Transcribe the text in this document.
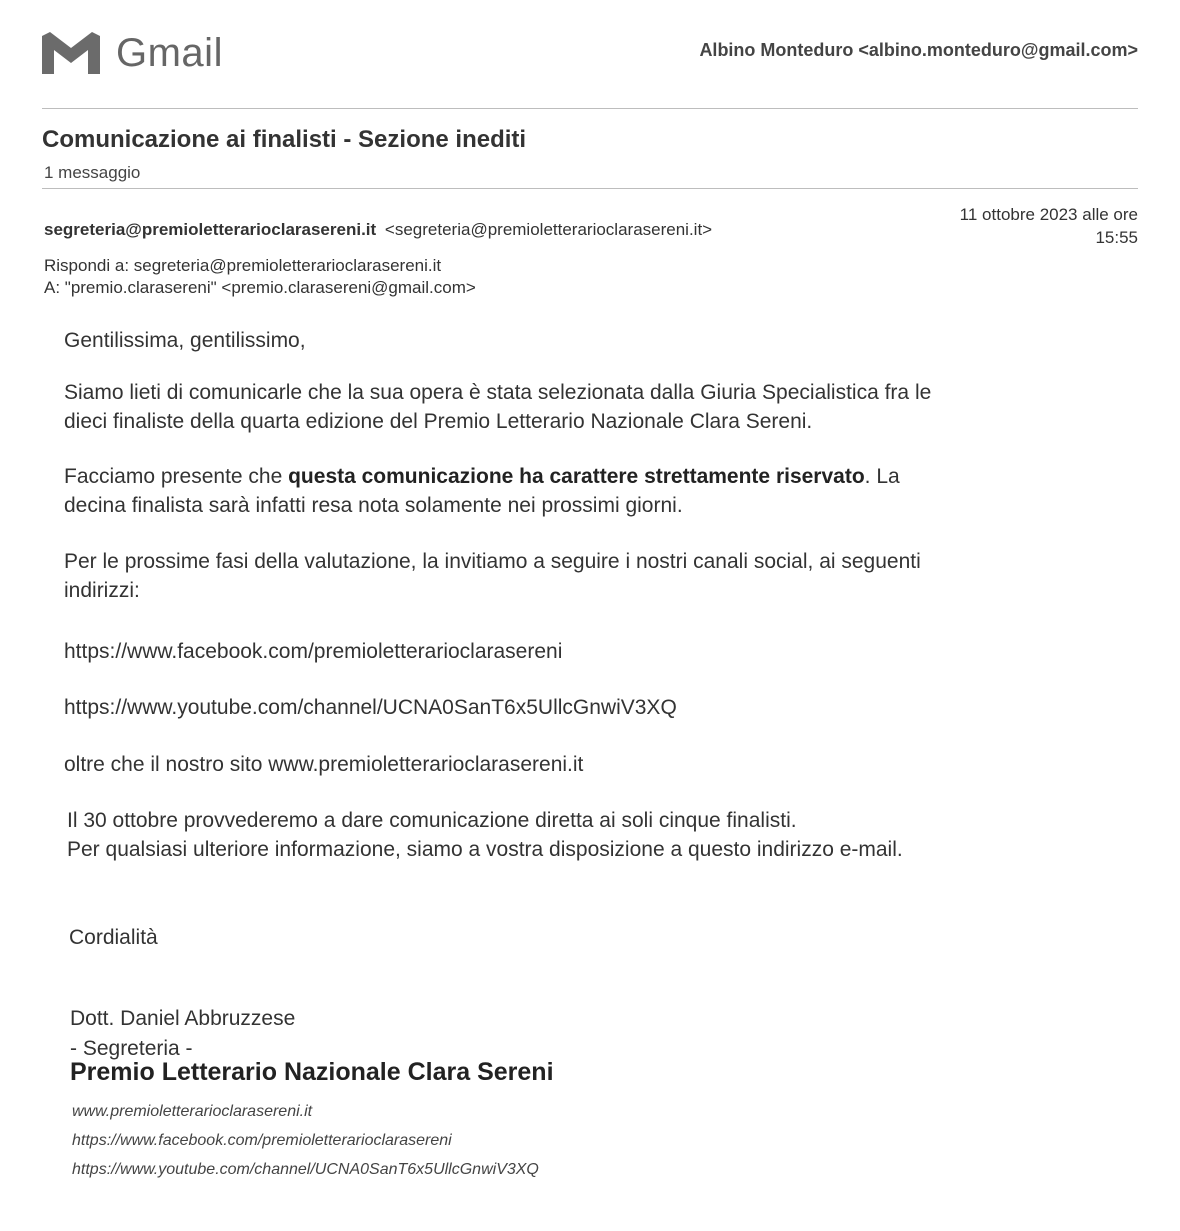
Gmail	Albino Monteduro <albino.monteduro@gmail.com>
Comunicazione ai finalisti - Sezione inediti
1 messaggio
segreteria@premioletterarioclarasereni.it <segreteria@premioletterarioclarasereni.it>
11 ottobre 2023 alle ore
15:55
Rispondi a: segreteria@premioletterarioclarasereni.it
A: "premio.clarasereni" <premio.clarasereni@gmail.com>
Gentilissima, gentilissimo,
Siamo lieti di comunicarle che la sua opera è stata selezionata dalla Giuria Specialistica fra le
dieci finaliste della quarta edizione del Premio Letterario Nazionale Clara Sereni.
Facciamo presente che questa comunicazione ha carattere strettamente riservato. La
decina finalista sarà infatti resa nota solamente nei prossimi giorni.
Per le prossime fasi della valutazione, la invitiamo a seguire i nostri canali social, ai seguenti
indirizzi:
https://www.facebook.com/premioletterarioclarasereni
https://www.youtube.com/channel/UCNA0SanT6x5UllcGnwiV3XQ
oltre che il nostro sito www.premioletterarioclarasereni.it
Il 30 ottobre provvederemo a dare comunicazione diretta ai soli cinque finalisti.
Per qualsiasi ulteriore informazione, siamo a vostra disposizione a questo indirizzo e-mail.
Cordialità
Dott. Daniel Abbruzzese
- Segreteria -
Premio Letterario Nazionale Clara Sereni
www.premioletterarioclarasereni.it
https://www.facebook.com/premioletterarioclarasereni
https://www.youtube.com/channel/UCNA0SanT6x5UllcGnwiV3XQ
